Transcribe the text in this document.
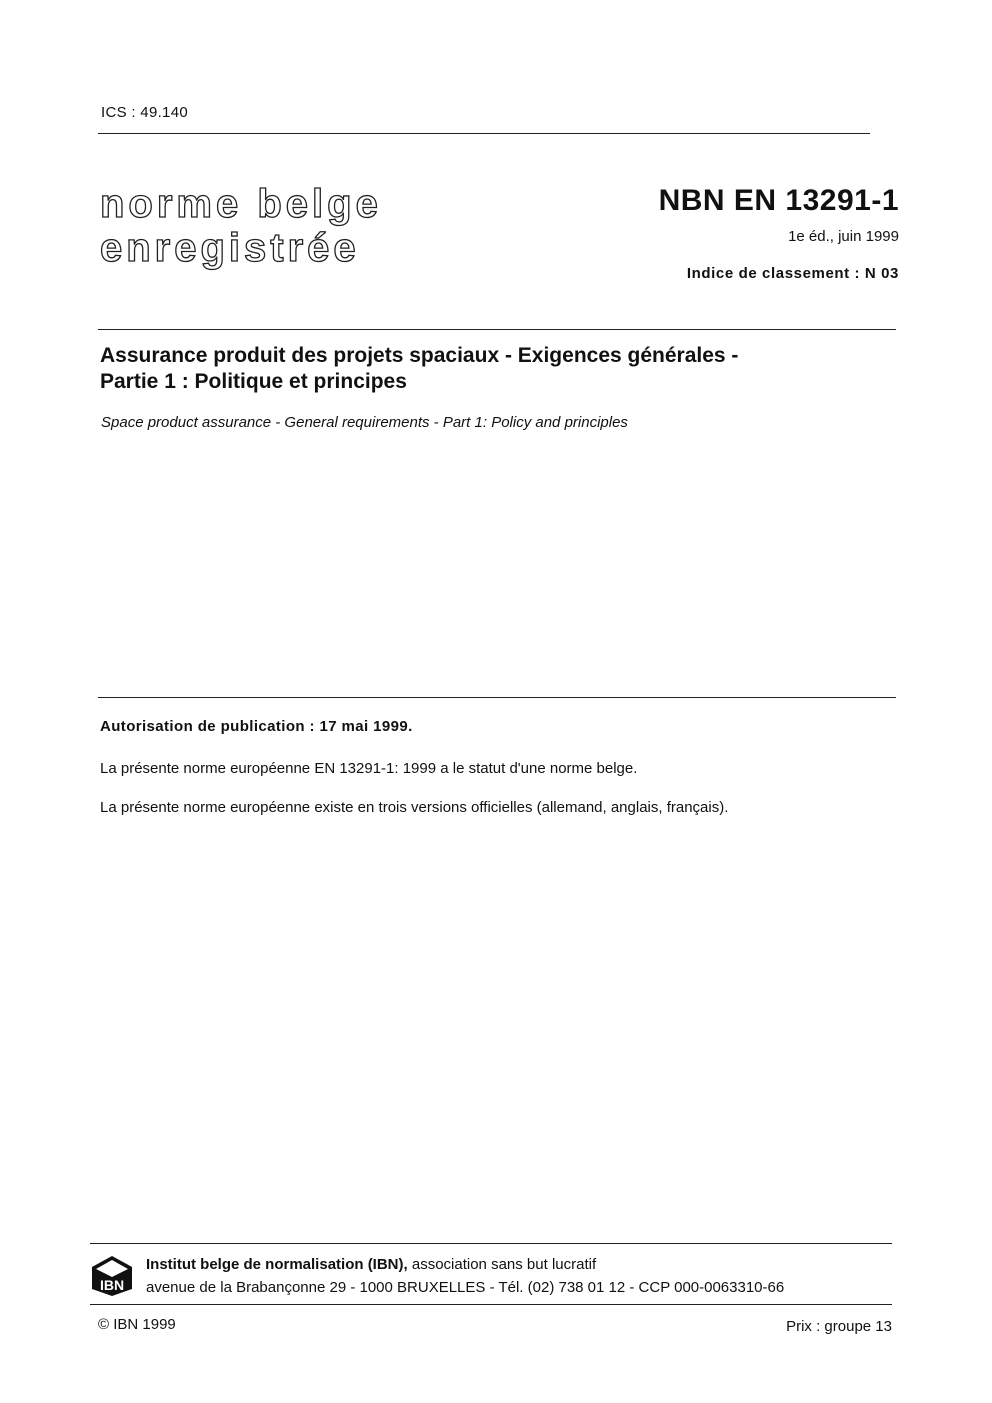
ICS : 49.140
norme belge
enregistrée
NBN EN 13291-1
1e éd., juin 1999
Indice de classement : N 03
Assurance produit des projets spaciaux - Exigences générales -
Partie 1 : Politique et principes
Space product assurance - General requirements - Part 1: Policy and principles
Autorisation de publication : 17 mai 1999.
La présente norme européenne EN 13291-1: 1999 a le statut d'une norme belge.
La présente norme européenne existe en trois versions officielles (allemand, anglais, français).
IBN
Institut belge de normalisation (IBN), association sans but lucratif
avenue de la Brabançonne 29 - 1000 BRUXELLES - Tél. (02) 738 01 12 - CCP 000-0063310-66
© IBN 1999	Prix : groupe 13
